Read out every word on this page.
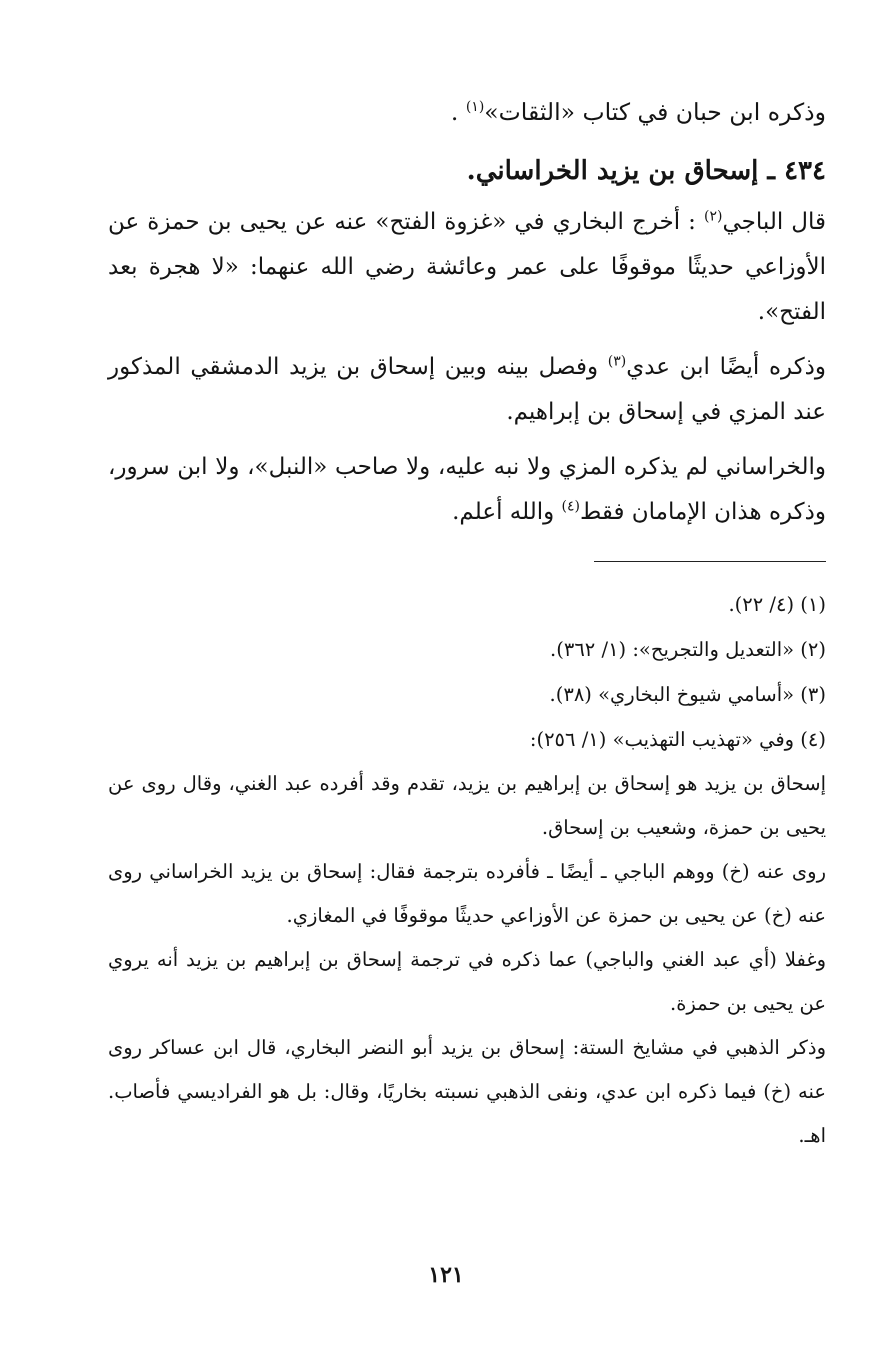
وذكره ابن حبان في كتاب «الثقات»$^{(١)}$ .

٤٣٤ ـ إسحاق بن يزيد الخراساني.

قال الباجي$^{(٢)}$ : أخرج البخاري في «غزوة الفتح» عنه عن يحيى بن حمزة عن الأوزاعي حديثًا موقوفًا على عمر وعائشة رضي الله عنهما: «لا هجرة بعد الفتح».

وذكره أيضًا ابن عدي$^{(٣)}$ وفصل بينه وبين إسحاق بن يزيد الدمشقي المذكور عند المزي في إسحاق بن إبراهيم.

والخراساني لم يذكره المزي ولا نبه عليه، ولا صاحب «النبل»، ولا ابن سرور، وذكره هذان الإمامان فقط$^{(٤)}$ والله أعلم.

(١) (٤/ ٢٢).

(٢) «التعديل والتجريح»: (١/ ٣٦٢).

(٣) «أسامي شيوخ البخاري» (٣٨).

(٤) وفي «تهذيب التهذيب» (١/ ٢٥٦):

إسحاق بن يزيد هو إسحاق بن إبراهيم بن يزيد، تقدم وقد أفرده عبد الغني، وقال روى عن يحيى بن حمزة، وشعيب بن إسحاق.

روى عنه (خ) ووهم الباجي ـ أيضًا ـ فأفرده بترجمة فقال: إسحاق بن يزيد الخراساني روى عنه (خ) عن يحيى بن حمزة عن الأوزاعي حديثًا موقوفًا في المغازي.

وغفلا (أي عبد الغني والباجي) عما ذكره في ترجمة إسحاق بن إبراهيم بن يزيد أنه يروي عن يحيى بن حمزة.

وذكر الذهبي في مشايخ الستة: إسحاق بن يزيد أبو النضر البخاري، قال ابن عساكر روى عنه (خ) فيما ذكره ابن عدي، ونفى الذهبي نسبته بخاريًا، وقال: بل هو الفراديسي فأصاب. اهـ.

١٢١
